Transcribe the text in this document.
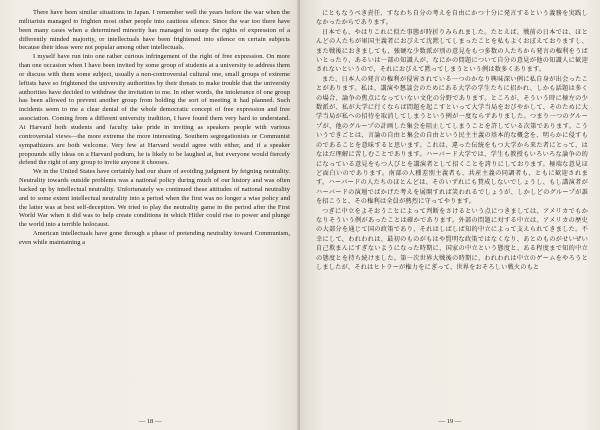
There have been similar situations in Japan. I remember well the years before the war when the militarists managed to frighten most other people into cautious silence. Since the war too there have been many cases when a determined minority has managed to usurp the rights of expression of a differently minded majority, or intellectuals have been frightened into silence on certain subjects because their ideas were not popular among other intellectuals.

I myself have run into one rather curious infringement of the right of free expression. On more than one occasion when I have been invited by some group of students at a university to address them or discuss with them some subject, usually a non-controversial cultural one, small groups of extreme leftists have so frightened the university authorities by their threats to make trouble that the university authorities have decided to withdraw the invitation to me. In other words, the intolerance of one group has been allowed to prevent another group from holding the sort of meeting it had planned. Such incidents seem to me a clear denial of the whole democratic concept of free expression and free association. Coming from a different university tradition, I have found them very hard to understand. At Harvard both students and faculty take pride in inviting as speakers people with various controversial views—the more extreme the more interesting. Southern segregationists or Communist sympathizers are both welcome. Very few at Harvard would agree with either, and if a speaker propounds silly ideas on a Harvard podium, he is likely to be laughed at, but everyone would fiercely defend the right of any group to invite anyone it chooses.

We in the United States have certainly had our share of avoiding judgment by feigning neutrality. Neutrality towards outside problems was a national policy during much of our history and was often backed up by intellectual neutrality. Unfortunately we continued these attitudes of national neutrality and to some extent intellectual neutrality into a period when the first was no longer a wise policy and the latter was at best self-deception. We tried to play the neutrality game in the period after the First World War when it did was to help create conditions in which Hitler could rise to power and plunge the world into a terrible holocaust.

American intellectuals have gone through a phase of pretending neutrality toward Communism, even while maintaining a

— 18 —

にともなうべき責任、すなわち自分の考えを自由にかつ十分に発言するという義務を実践しなかったからであります。

日本でも、やはりこれに似た事態が時折りみられました。たとえば、戦前の日本では、ほとんどの人たちが軍国主義者におびえて沈黙してしまったことを私もよくおぼえておりますし、また戦後におきましても、強硬な少数派が別の意見をもつ多数の人たちから発言の権利をうばいとったり、あるいは一部の知識人が、なにかの問題について自分の意見が他の知識人に歓迎されないというので、それにおびえて黙ってしまうという例は数多くあります。

また、日本人の発言の権利が侵害されている一つのかなり興味深い例に私自身が出会ったことがあります。私は、講演や懇談会のためにある大学の学生たちに招かれ、しかも話題は多くの場合、論争の焦点になっていない文化の分野であります。ところが、そういう時に極左の少数派が、私が大学に行くならば問題を起こすといって大学当局をおびやかして、そのために大学当局が私への招待を取消してしまうという例が一度ならずありました。つまり一つのグループが、他のグループの計画した集会を阻止してしまうことを許している次第であります。こういうできごとは、言論の自由と集会の自由という民主主義の基本的な概念を、明らかに侵すものであることを意味すると思います。これは、違った伝統をもつ大学から来た者にとって、はなはだ理解に苦しむことであります。ハーバード大学では、学生も教授もいろいろな論争の的になっている意見をもつ人びとを講演者として招くことを誇りにしております。極端な意見ほど面白いのであります。南部の人種差別主義者も、共産主義の同調者も、ともに歓迎されます。ハーバードの人たちのほとんどは、そのいずれにも賛成しないでしょうし、もし講演者がハーバードの演壇でばかげた考えを展開すれば笑われるでしょうが、しかしどのグループが誰を招こうと、その権利は全員が熱烈に守ってやります。

つぎに中立をよそおうことによって判断をさけるという点につきましては、アメリカでもかなりそういう例があったことは確かであります。外部の問題に対する中立は、アメリカの歴史の大部分を通じて国の政策であり、それはしばしば知的中立によって支えられてきました。不幸にして、われわれは、最初のものがもはや賢明な政策ではなくなり、あとのものがせいぜい自己欺まんにすぎないようになった時期に、国家の中立という態度と、ある程度まで知的中立の態度とを持ち続けました。第一次世界大戦後の時期に、われわれは中立のゲームをやろうとしましたが、それはヒトラーが権力をにぎって、世界をおそろしい戦火のもと

— 19 —
